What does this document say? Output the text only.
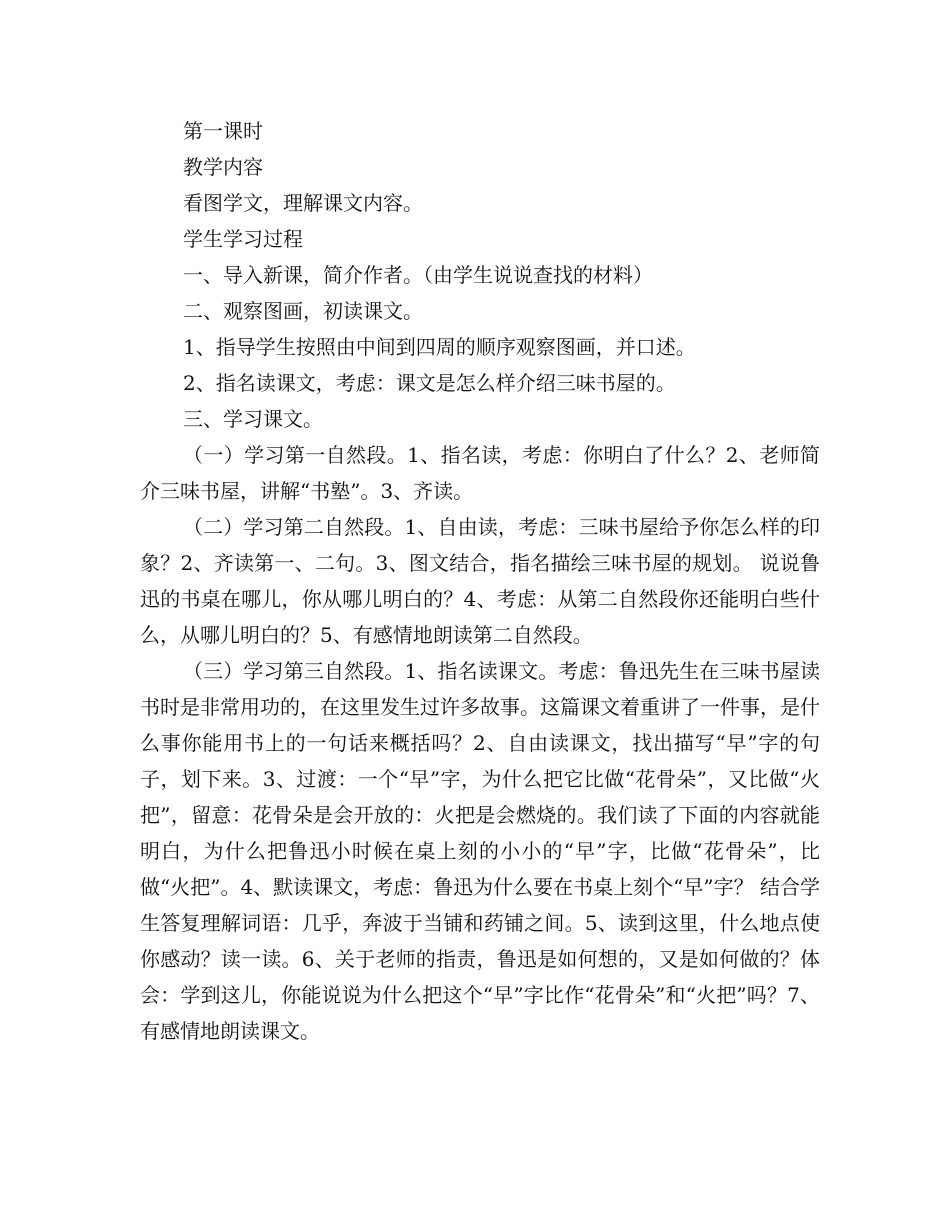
第一课时

教学内容

看图学文，理解课文内容。

学生学习过程

一、导入新课，简介作者。（由学生说说查找的材料）

二、观察图画，初读课文。

1、指导学生按照由中间到四周的顺序观察图画，并口述。

2、指名读课文，考虑：课文是怎么样介绍三味书屋的。

三、学习课文。

（一）学习第一自然段。1、指名读，考虑：你明白了什么？2、老师简介三味书屋，讲解“书塾”。3、齐读。

（二）学习第二自然段。1、自由读，考虑：三味书屋给予你怎么样的印象？2、齐读第一、二句。3、图文结合，指名描绘三味书屋的规划。 说说鲁迅的书桌在哪儿，你从哪儿明白的？4、考虑：从第二自然段你还能明白些什么，从哪儿明白的？5、有感情地朗读第二自然段。

（三）学习第三自然段。1、指名读课文。考虑：鲁迅先生在三味书屋读书时是非常用功的，在这里发生过许多故事。这篇课文着重讲了一件事，是什么事你能用书上的一句话来概括吗？2、自由读课文，找出描写“早”字的句子，划下来。3、过渡：一个“早”字，为什么把它比做“花骨朵”，又比做“火把”，留意：花骨朵是会开放的：火把是会燃烧的。我们读了下面的内容就能明白，为什么把鲁迅小时候在桌上刻的小小的“早”字，比做“花骨朵”，比做“火把”。4、默读课文，考虑：鲁迅为什么要在书桌上刻个“早”字？ 结合学生答复理解词语：几乎，奔波于当铺和药铺之间。5、读到这里，什么地点使你感动？读一读。6、关于老师的指责，鲁迅是如何想的，又是如何做的？体会：学到这儿，你能说说为什么把这个“早”字比作“花骨朵”和“火把”吗？7、有感情地朗读课文。
